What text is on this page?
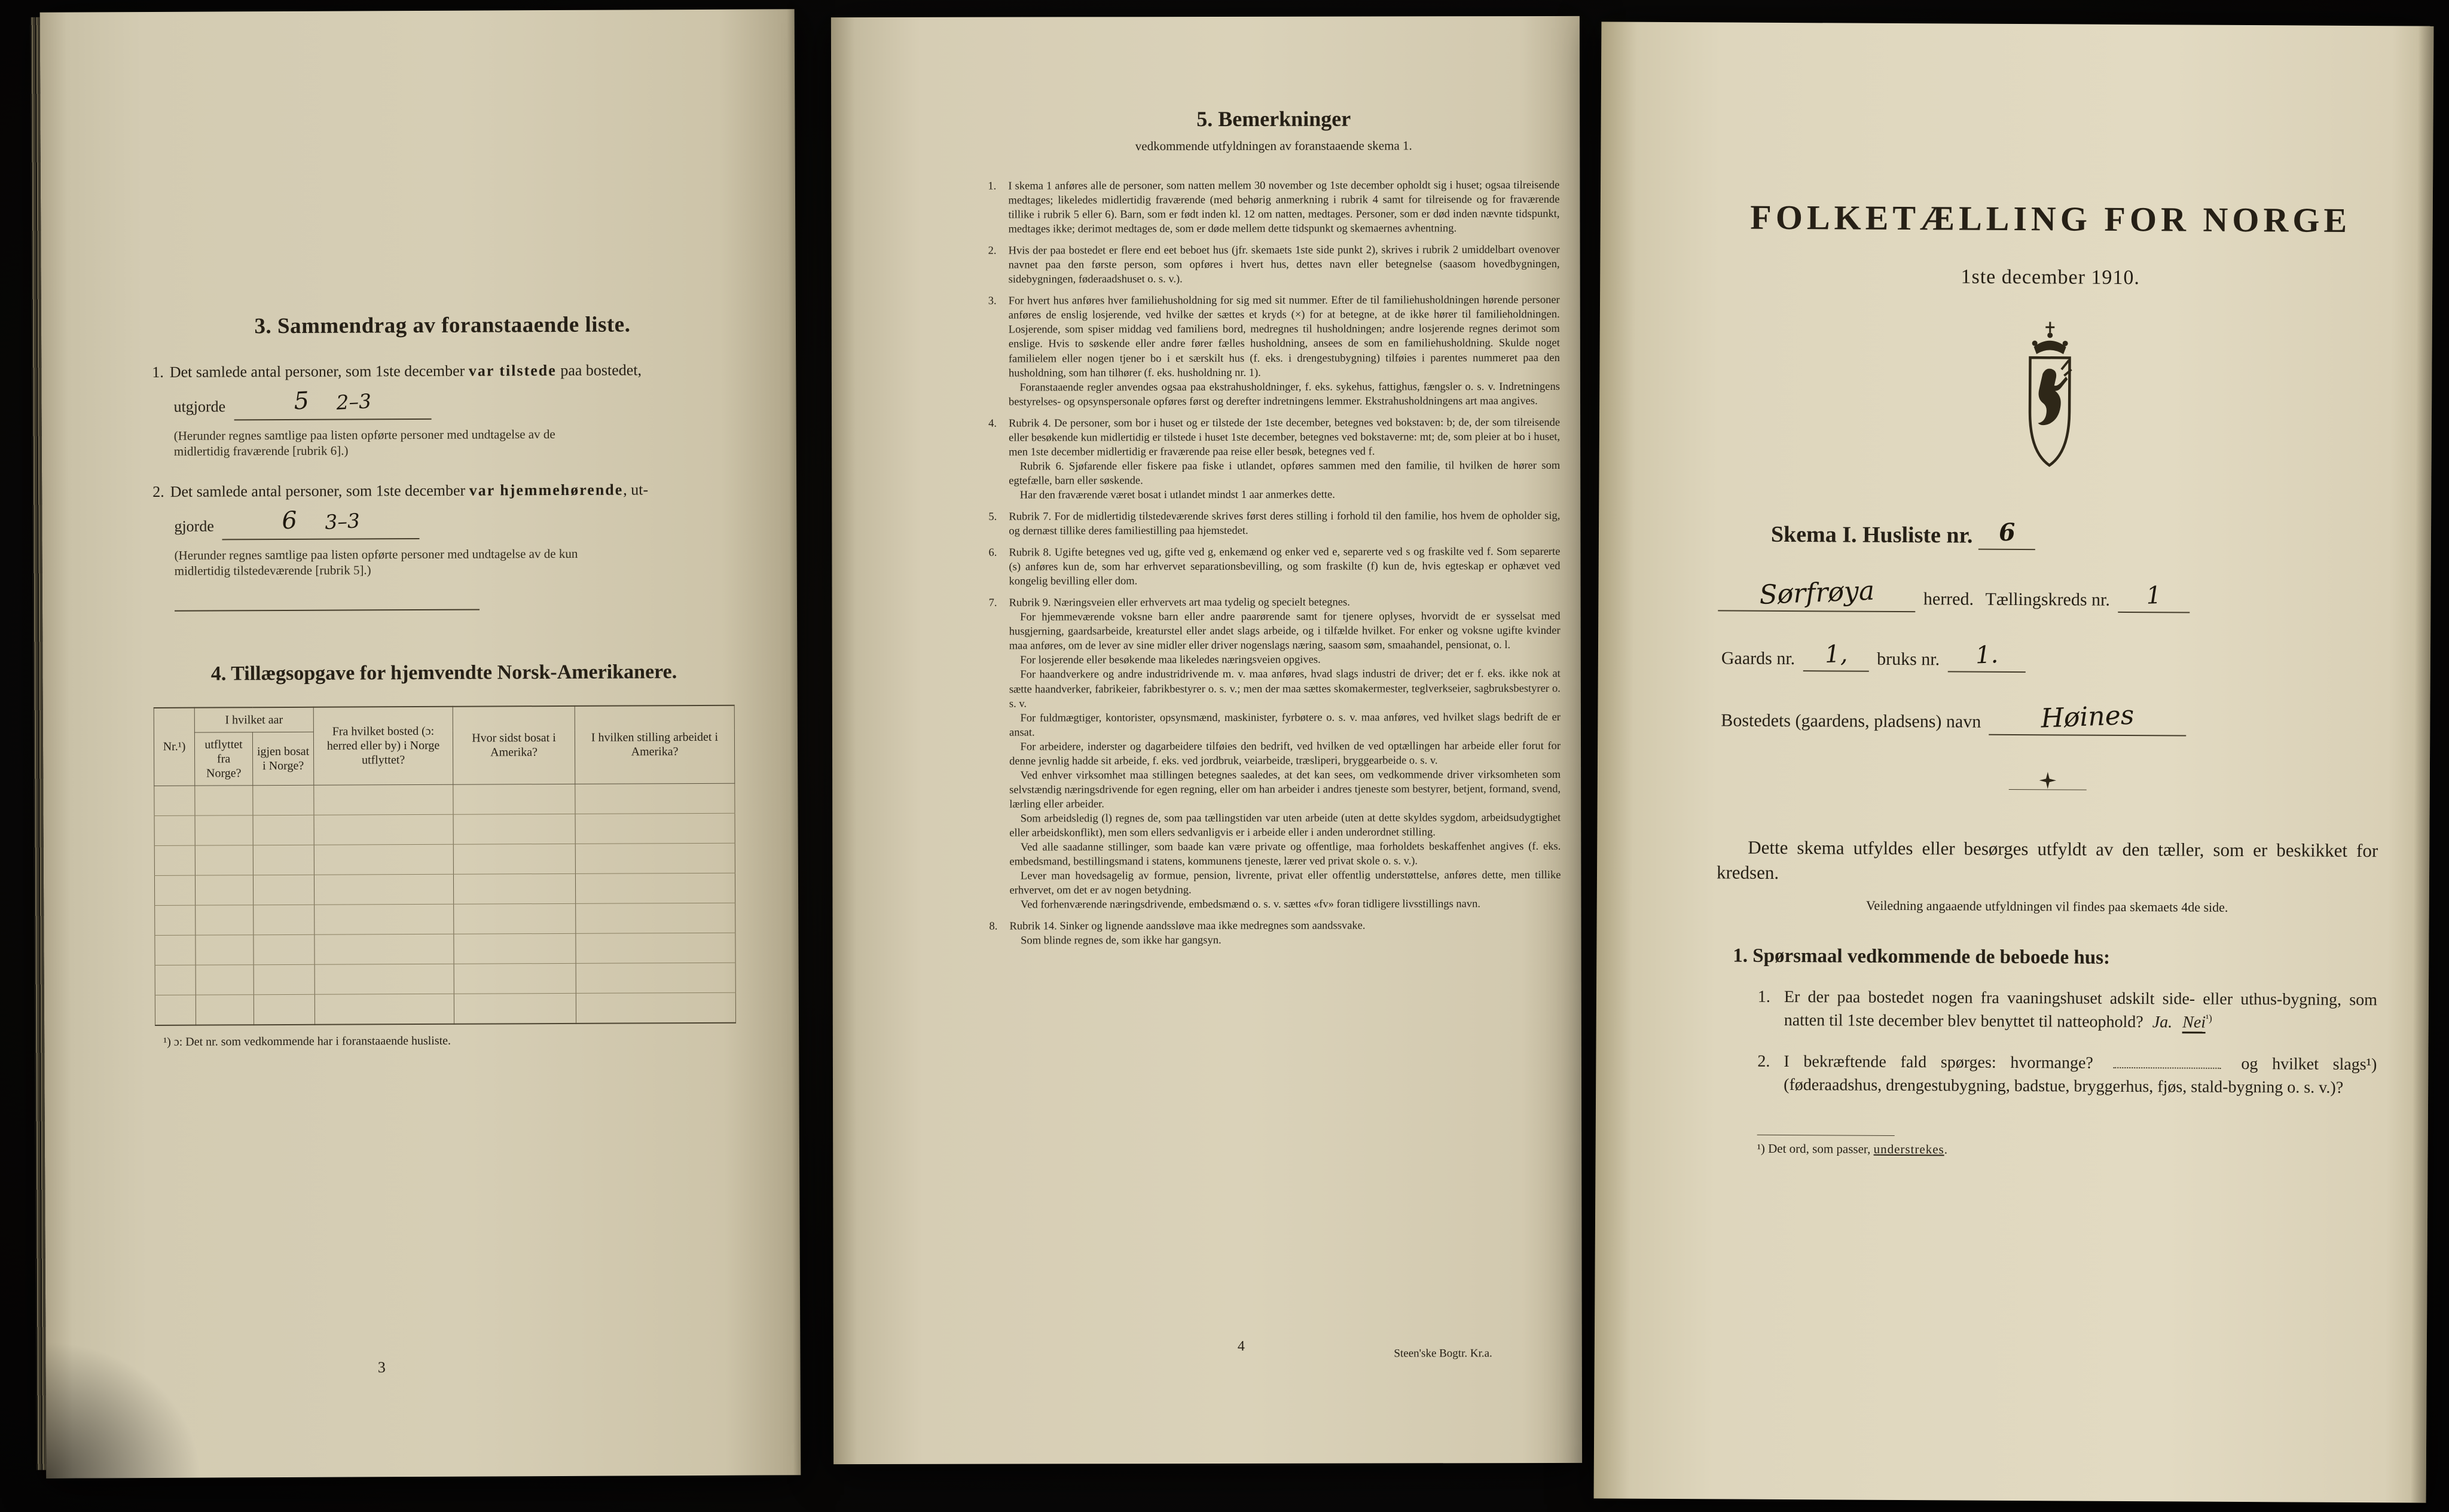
3. Sammendrag av foranstaaende liste.
1. Det samlede antal personer, som 1ste december var tilstede paa bostedet,
utgjorde	5 2–3
(Herunder regnes samtlige paa listen opførte personer med undtagelse av de midlertidig fraværende [rubrik 6].)
2. Det samlede antal personer, som 1ste december var hjemmehørende, ut-
gjorde	6 3–3
(Herunder regnes samtlige paa listen opførte personer med undtagelse av de kun midlertidig tilstedeværende [rubrik 5].)
4. Tillægsopgave for hjemvendte Norsk-Amerikanere.
Nr.¹)	I hvilket aar		Fra hvilket bosted (ɔ: herred eller by) i Norge utflyttet?	Hvor sidst bosat i Amerika?	I hvilken stilling arbeidet i Amerika?
	utflyttet fra Norge?	igjen bosat i Norge?			

¹) ɔ: Det nr. som vedkommende har i foranstaaende husliste.
3
5. Bemerkninger
vedkommende utfyldningen av foranstaaende skema 1.
1.	I skema 1 anføres alle de personer, som natten mellem 30 november og 1ste december opholdt sig i huset; ogsaa tilreisende medtages; likeledes midlertidig fraværende (med behørig anmerkning i rubrik 4 samt for tilreisende og for fraværende tillike i rubrik 5 eller 6). Barn, som er født inden kl. 12 om natten, medtages. Personer, som er død inden nævnte tidspunkt, medtages ikke; derimot medtages de, som er døde mellem dette tidspunkt og skemaernes avhentning.
2.	Hvis der paa bostedet er flere end eet beboet hus (jfr. skemaets 1ste side punkt 2), skrives i rubrik 2 umiddelbart ovenover navnet paa den første person, som opføres i hvert hus, dettes navn eller betegnelse (saasom hovedbygningen, sidebygningen, føderaadshuset o. s. v.).
3.	For hvert hus anføres hver familiehusholdning for sig med sit nummer. Efter de til familiehusholdningen hørende personer anføres de enslig losjerende, ved hvilke der sættes et kryds (×) for at betegne, at de ikke hører til familieholdningen. Losjerende, som spiser middag ved familiens bord, medregnes til husholdningen; andre losjerende regnes derimot som enslige. Hvis to søskende eller andre fører fælles husholdning, ansees de som en familiehusholdning. Skulde noget familielem eller nogen tjener bo i et særskilt hus (f. eks. i drengestubygning) tilføies i parentes nummeret paa den husholdning, som han tilhører (f. eks. husholdning nr. 1).
 Foranstaaende regler anvendes ogsaa paa ekstrahusholdninger, f. eks. sykehus, fattighus, fængsler o. s. v. Indretningens bestyrelses- og opsynspersonale opføres først og derefter indretningens lemmer. Ekstrahusholdningens art maa angives.
4.	Rubrik 4. De personer, som bor i huset og er tilstede der 1ste december, betegnes ved bokstaven: b; de, der som tilreisende eller besøkende kun midlertidig er tilstede i huset 1ste december, betegnes ved bokstaverne: mt; de, som pleier at bo i huset, men 1ste december midlertidig er fraværende paa reise eller besøk, betegnes ved f.
 Rubrik 6. Sjøfarende eller fiskere paa fiske i utlandet, opføres sammen med den familie, til hvilken de hører som egtefælle, barn eller søskende.
 Har den fraværende været bosat i utlandet mindst 1 aar anmerkes dette.
5.	Rubrik 7. For de midlertidig tilstedeværende skrives først deres stilling i forhold til den familie, hos hvem de opholder sig, og dernæst tillike deres familiestilling paa hjemstedet.
6.	Rubrik 8. Ugifte betegnes ved ug, gifte ved g, enkemænd og enker ved e, separerte ved s og fraskilte ved f. Som separerte (s) anføres kun de, som har erhvervet separationsbevilling, og som fraskilte (f) kun de, hvis egteskap er ophævet ved kongelig bevilling eller dom.
7.	Rubrik 9. Næringsveien eller erhvervets art maa tydelig og specielt betegnes.
 For hjemmeværende voksne barn eller andre paarørende samt for tjenere oplyses, hvorvidt de er sysselsat med husgjerning, gaardsarbeide, kreaturstel eller andet slags arbeide, og i tilfælde hvilket. For enker og voksne ugifte kvinder maa anføres, om de lever av sine midler eller driver nogenslags næring, saasom søm, smaahandel, pensionat, o. l.
 For losjerende eller besøkende maa likeledes næringsveien opgives.
 For haandverkere og andre industridrivende m. v. maa anføres, hvad slags industri de driver; det er f. eks. ikke nok at sætte haandverker, fabrikeier, fabrikbestyrer o. s. v.; men der maa sættes skomakermester, teglverkseier, sagbruksbestyrer o. s. v.
 For fuldmægtiger, kontorister, opsynsmænd, maskinister, fyrbøtere o. s. v. maa anføres, ved hvilket slags bedrift de er ansat.
 For arbeidere, inderster og dagarbeidere tilføies den bedrift, ved hvilken de ved optællingen har arbeide eller forut for denne jevnlig hadde sit arbeide, f. eks. ved jordbruk, veiarbeide, træsliperi, bryggearbeide o. s. v.
 Ved enhver virksomhet maa stillingen betegnes saaledes, at det kan sees, om vedkommende driver virksomheten som selvstændig næringsdrivende for egen regning, eller om han arbeider i andres tjeneste som bestyrer, betjent, formand, svend, lærling eller arbeider.
 Som arbeidsledig (l) regnes de, som paa tællingstiden var uten arbeide (uten at dette skyldes sygdom, arbeidsudygtighet eller arbeidskonflikt), men som ellers sedvanligvis er i arbeide eller i anden underordnet stilling.
 Ved alle saadanne stillinger, som baade kan være private og offentlige, maa forholdets beskaffenhet angives (f. eks. embedsmand, bestillingsmand i statens, kommunens tjeneste, lærer ved privat skole o. s. v.).
 Lever man hovedsagelig av formue, pension, livrente, privat eller offentlig understøttelse, anføres dette, men tillike erhvervet, om det er av nogen betydning.
 Ved forhenværende næringsdrivende, embedsmænd o. s. v. sættes «fv» foran tidligere livsstillings navn.
8.	Rubrik 14. Sinker og lignende aandssløve maa ikke medregnes som aandssvake.
 Som blinde regnes de, som ikke har gangsyn.
4	Steen'ske Bogtr. Kr.a.
FOLKETÆLLING FOR NORGE
1ste december 1910.
Skema I. Husliste nr. 6
Sørfrøya	herred. Tællingskreds nr. 1
Gaards nr. 1, bruks nr. 1.
Bostedets (gaardens, pladsens) navn Høines

Dette skema utfyldes eller besørges utfyldt av den tæller, som er beskikket for kredsen.

Veiledning angaaende utfyldningen vil findes paa skemaets 4de side.
1. Spørsmaal vedkommende de beboede hus:
1. Er der paa bostedet nogen fra vaaningshuset adskilt side- eller uthus-bygning, som natten til 1ste december blev benyttet til natteophold? Ja. Nei$^{^1)}$
2. I bekræftende fald spørges: hvormange?	og hvilket slags¹) (føderaadshus, drengestubygning, badstue, bryggerhus, fjøs, stald-bygning o. s. v.)?
¹) Det ord, som passer, understrekes.
